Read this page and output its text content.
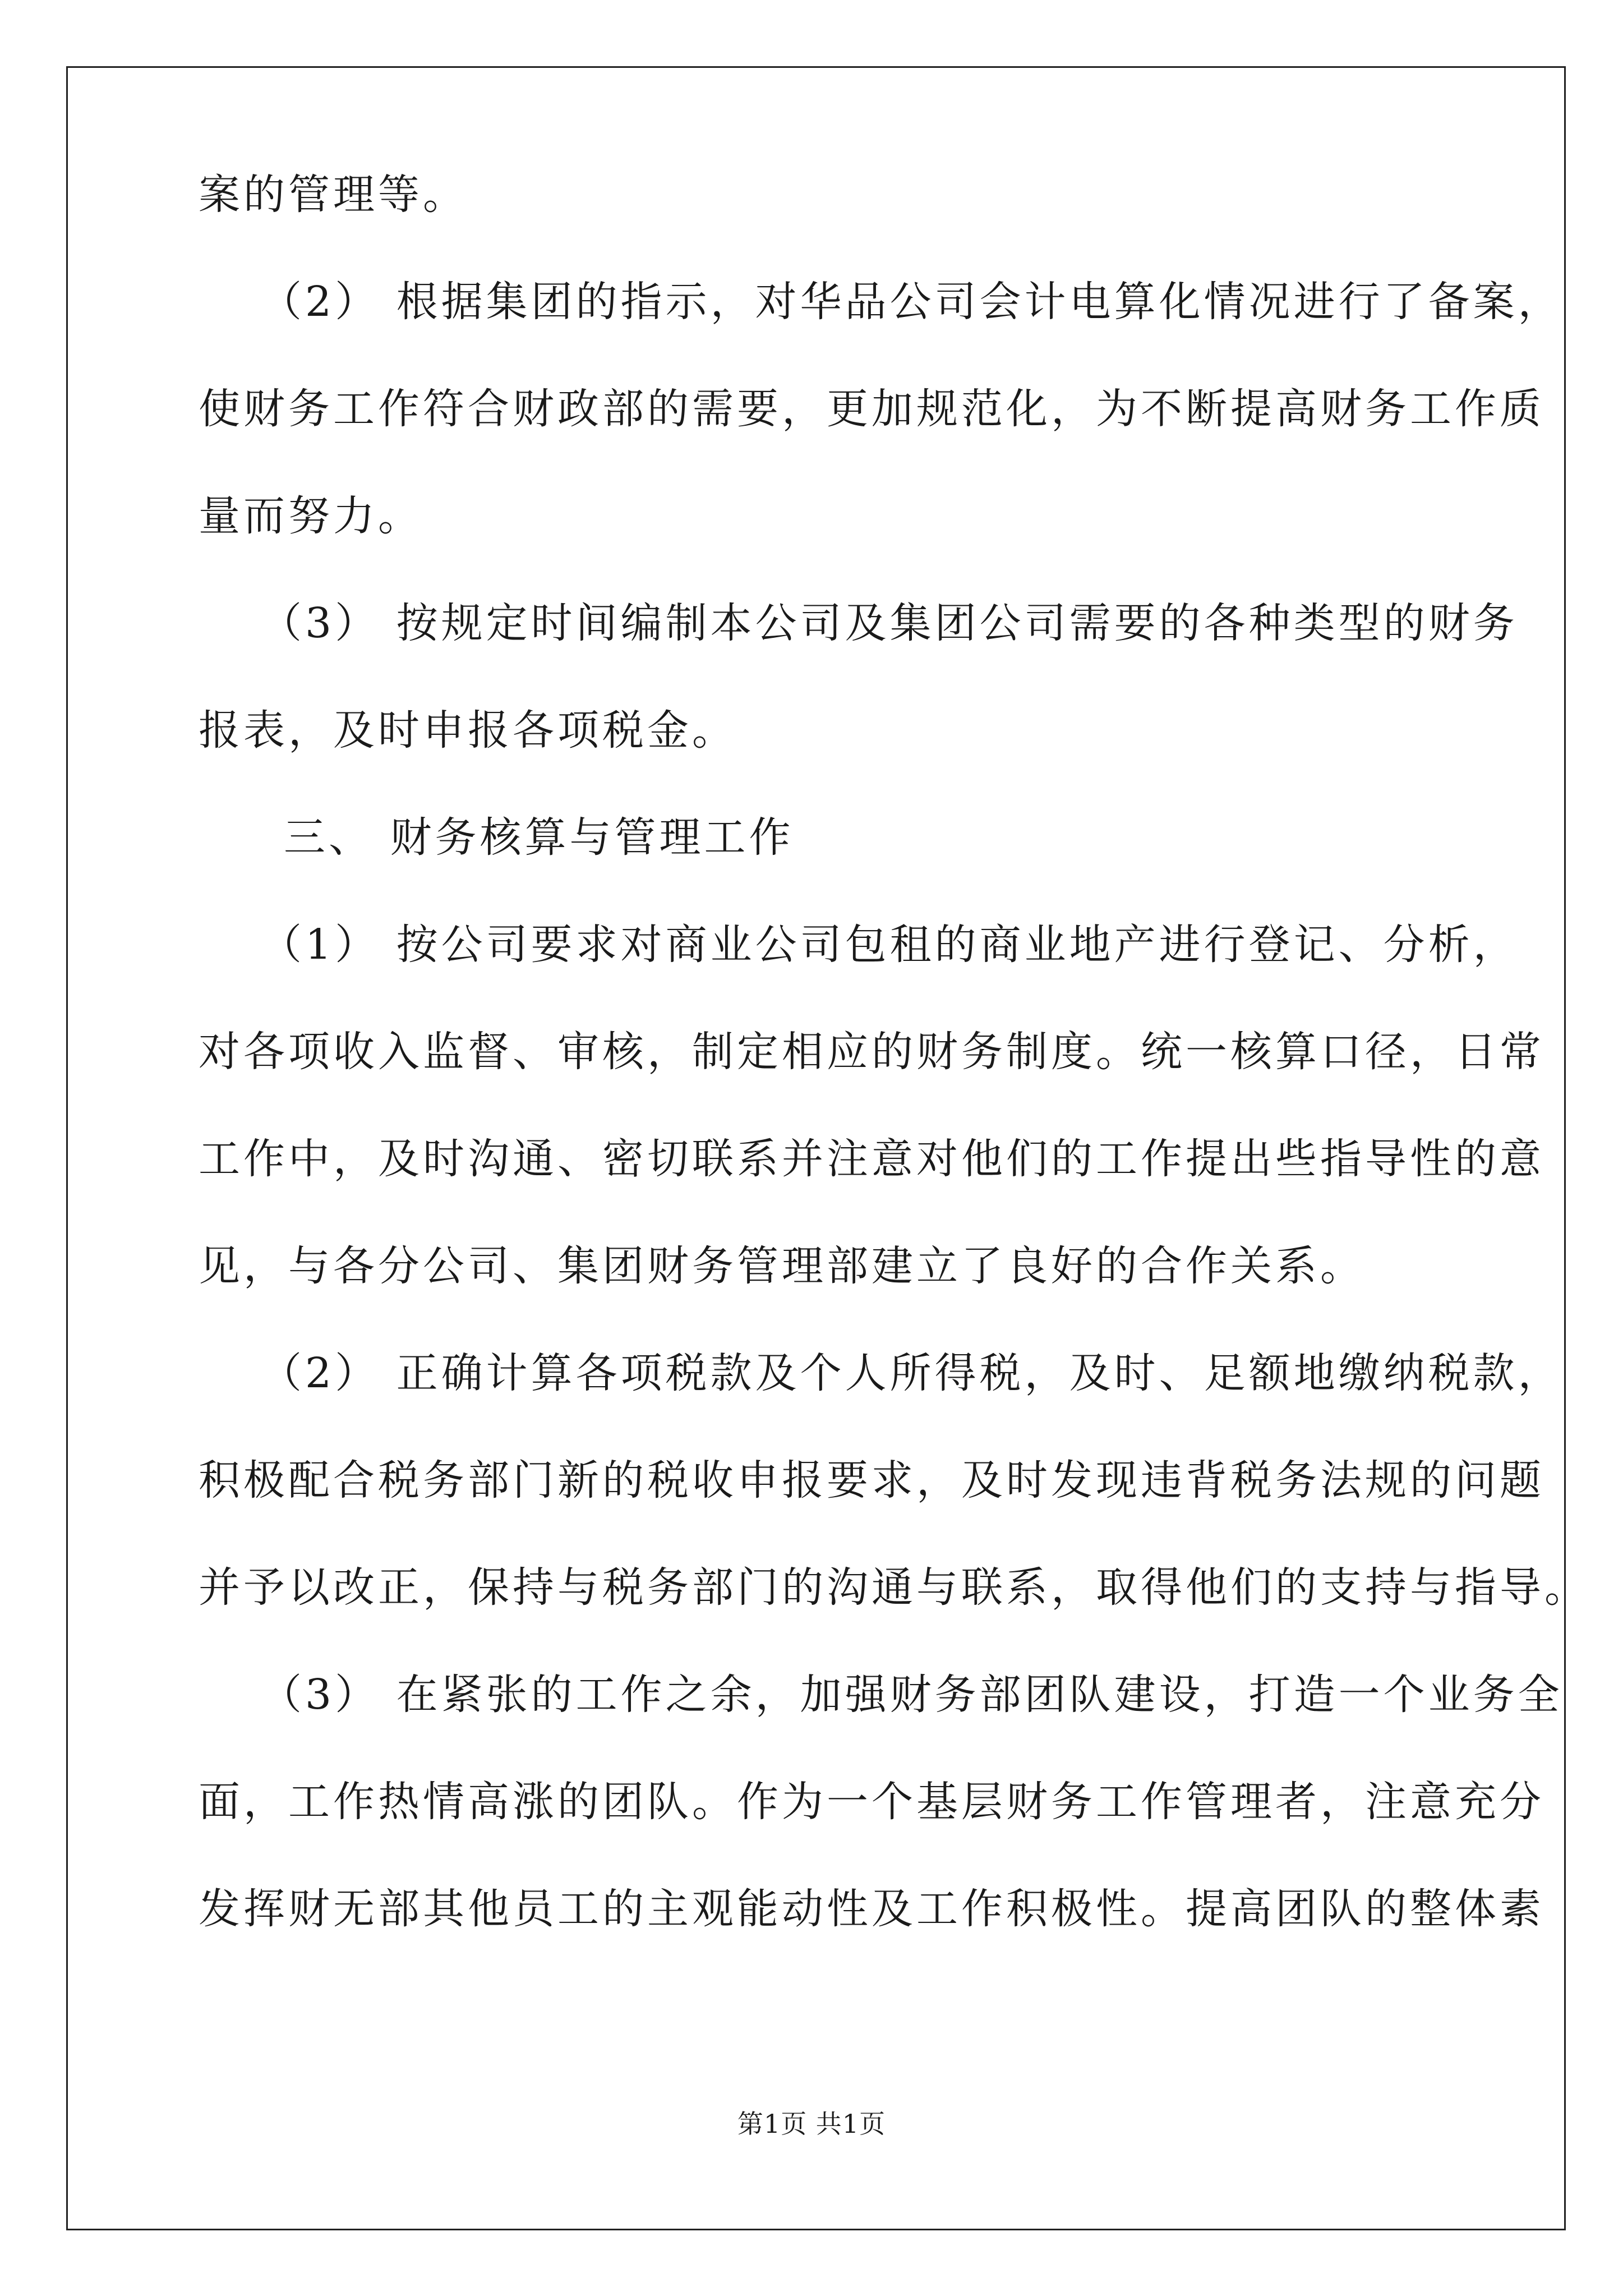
案的管理等。
（2） 根据集团的指示，对华品公司会计电算化情况进行了备案，
使财务工作符合财政部的需要，更加规范化，为不断提高财务工作质
量而努力。
（3） 按规定时间编制本公司及集团公司需要的各种类型的财务
报表，及时申报各项税金。
三、 财务核算与管理工作
（1） 按公司要求对商业公司包租的商业地产进行登记、分析，
对各项收入监督、审核，制定相应的财务制度。统一核算口径，日常
工作中，及时沟通、密切联系并注意对他们的工作提出些指导性的意
见，与各分公司、集团财务管理部建立了良好的合作关系。
（2） 正确计算各项税款及个人所得税，及时、足额地缴纳税款，
积极配合税务部门新的税收申报要求，及时发现违背税务法规的问题
并予以改正，保持与税务部门的沟通与联系，取得他们的支持与指导。
（3） 在紧张的工作之余，加强财务部团队建设，打造一个业务全
面，工作热情高涨的团队。作为一个基层财务工作管理者，注意充分
发挥财无部其他员工的主观能动性及工作积极性。提高团队的整体素
第1页 共1页
